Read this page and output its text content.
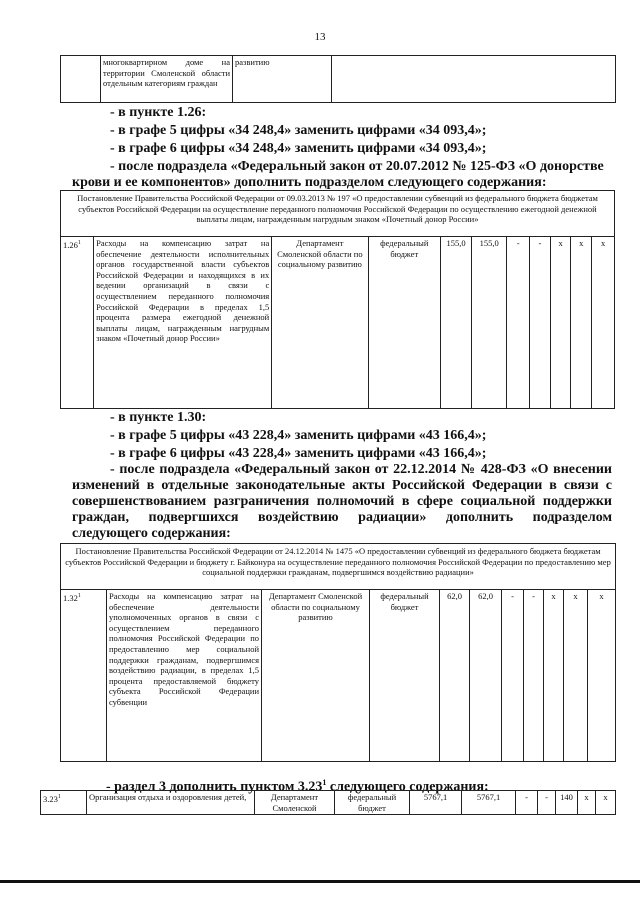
13
	многоквартирном доме на территории Смоленской области отдельным категориям граждан	развитию	
- в пункте 1.26:
- в графе 5 цифры «34 248,4» заменить цифрами «34 093,4»;
- в графе 6 цифры «34 248,4» заменить цифрами «34 093,4»;
- после подраздела «Федеральный закон от 20.07.2012 № 125-ФЗ «О донорстве
крови и ее компонентов» дополнить подразделом следующего содержания:
Постановление Правительства Российской Федерации от 09.03.2013 № 197 «О предоставлении субвенций из федерального бюджета бюджетам субъектов Российской Федерации на осуществление переданного полномочия Российской Федерации по осуществлению ежегодной денежной выплаты лицам, награжденным нагрудным знаком «Почетный донор России»
1.26$^1$	Расходы на компенсацию затрат на обеспечение деятельности исполнительных органов государственной власти субъектов Российской Федерации и находящихся в их ведении организаций в связи с осуществлением переданного полномочия Российской Федерации в пределах 1,5 процента размера ежегодной денежной выплаты лицам, награжденным нагрудным знаком «Почетный донор России»	Департамент Смоленской области по социальному развитию	федеральный бюджет	155,0	155,0	-	-	х	х	х
- в пункте 1.30:
- в графе 5 цифры «43 228,4» заменить цифрами «43 166,4»;
- в графе 6 цифры «43 228,4» заменить цифрами «43 166,4»;
- после подраздела «Федеральный закон от 22.12.2014 № 428-ФЗ «О внесении
изменений в отдельные законодательные акты Российской Федерации в связи с
совершенствованием разграничения полномочий в сфере социальной поддержки
граждан, подвергшихся воздействию радиации» дополнить подразделом
следующего содержания:
Постановление Правительства Российской Федерации от 24.12.2014 № 1475 «О предоставлении субвенций из федерального бюджета бюджетам субъектов Российской Федерации и бюджету г. Байконура на осуществление переданного полномочия Российской Федерации по предоставлению мер социальной поддержки гражданам, подвергшимся воздействию радиации»
1.32$^1$	Расходы на компенсацию затрат на обеспечение деятельности уполномоченных органов в связи с осуществлением переданного полномочия Российской Федерации по предоставлению мер социальной поддержки гражданам, подвергшимся воздействию радиации, в пределах 1,5 процента предоставляемой бюджету субъекта Российской Федерации субвенции	Департамент Смоленской области по социальному развитию	федеральный бюджет	62,0	62,0	-	-	х	х	х
- раздел 3 дополнить пунктом 3.23$^1$ следующего содержания:
3.23$^1$	Организация отдыха и оздоровления детей,	Департамент Смоленской	федеральный бюджет	5767,1	5767,1	-	-	140	х	х
